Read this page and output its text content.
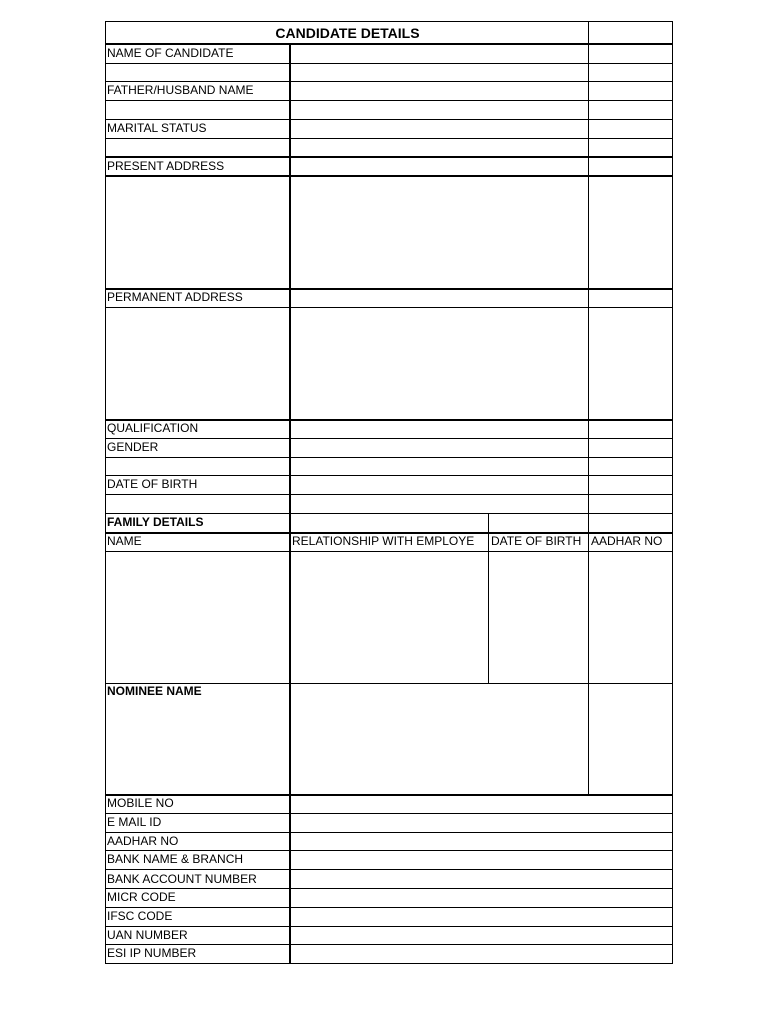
CANDIDATE DETAILS
NAME OF CANDIDATE
FATHER/HUSBAND NAME
MARITAL STATUS
PRESENT ADDRESS
PERMANENT ADDRESS
QUALIFICATION
GENDER
DATE OF BIRTH
FAMILY DETAILS
NAME	RELATIONSHIP WITH EMPLOYE DATE OF BIRTH AADHAR NO
NOMINEE NAME
MOBILE NO
E MAIL ID
AADHAR NO
BANK NAME & BRANCH
BANK ACCOUNT NUMBER
MICR CODE
IFSC CODE
UAN NUMBER
ESI IP NUMBER
